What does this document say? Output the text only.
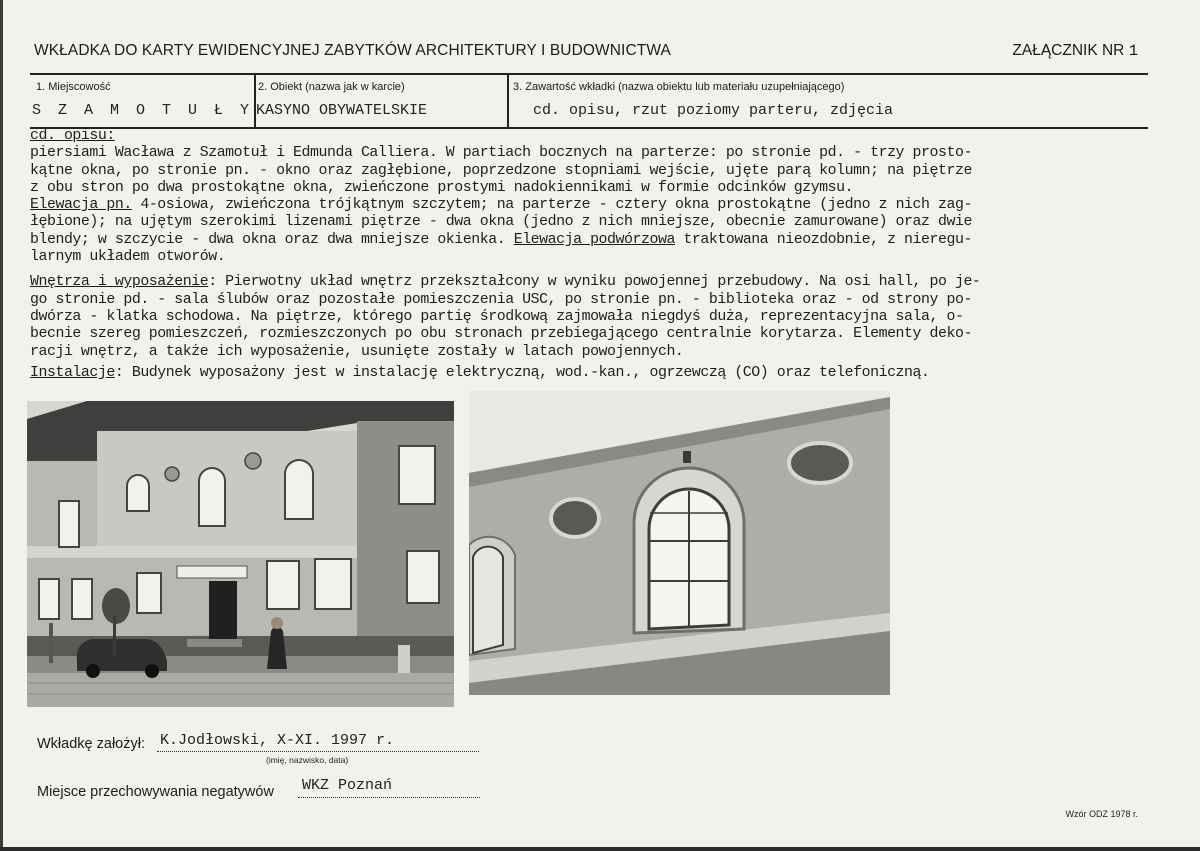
WKŁADKA DO KARTY EWIDENCYJNEJ ZABYTKÓW ARCHITEKTURY I BUDOWNICTWA	ZAŁĄCZNIK NR 1
1. Miejscowość
S Z A M O T U Ł Y
2. Obiekt (nazwa jak w karcie)
KASYNO OBYWATELSKIE
3. Zawartość wkładki (nazwa obiektu lub materiału uzupełniającego)
cd. opisu, rzut poziomy parteru, zdjęcia
cd. opisu:
piersiami Wacława z Szamotuł i Edmunda Calliera. W partiach bocznych na parterze: po stronie pd. - trzy prosto-
kątne okna, po stronie pn. - okno oraz zagłębione, poprzedzone stopniami wejście, ujęte parą kolumn; na piętrze
z obu stron po dwa prostokątne okna, zwieńczone prostymi nadokiennikami w formie odcinków gzymsu.
Elewacja pn. 4-osiowa, zwieńczona trójkątnym szczytem; na parterze - cztery okna prostokątne (jedno z nich zag-
łębione); na ujętym szerokimi lizenami piętrze - dwa okna (jedno z nich mniejsze, obecnie zamurowane) oraz dwie
blendy; w szczycie - dwa okna oraz dwa mniejsze okienka. Elewacja podwórzowa traktowana nieozdobnie, z nieregu-
larnym układem otworów.
Wnętrza i wyposażenie: Pierwotny układ wnętrz przekształcony w wyniku powojennej przebudowy. Na osi hall, po je-
go stronie pd. - sala ślubów oraz pozostałe pomieszczenia USC, po stronie pn. - biblioteka oraz - od strony po-
dwórza - klatka schodowa. Na piętrze, którego partię środkową zajmowała niegdyś duża, reprezentacyjna sala, o-
becnie szereg pomieszczeń, rozmieszczonych po obu stronach przebiegającego centralnie korytarza. Elementy deko-
racji wnętrz, a także ich wyposażenie, usunięte zostały w latach powojennych.

Instalacje: Budynek wyposażony jest w instalację elektryczną, wod.-kan., ogrzewczą (CO) oraz telefoniczną.
Wkładkę założył: K.Jodłowski, X-XI. 1997 r.
(imię, nazwisko, data)
Miejsce przechowywania negatywów WKZ Poznań
Wzór ODZ 1978 r.
